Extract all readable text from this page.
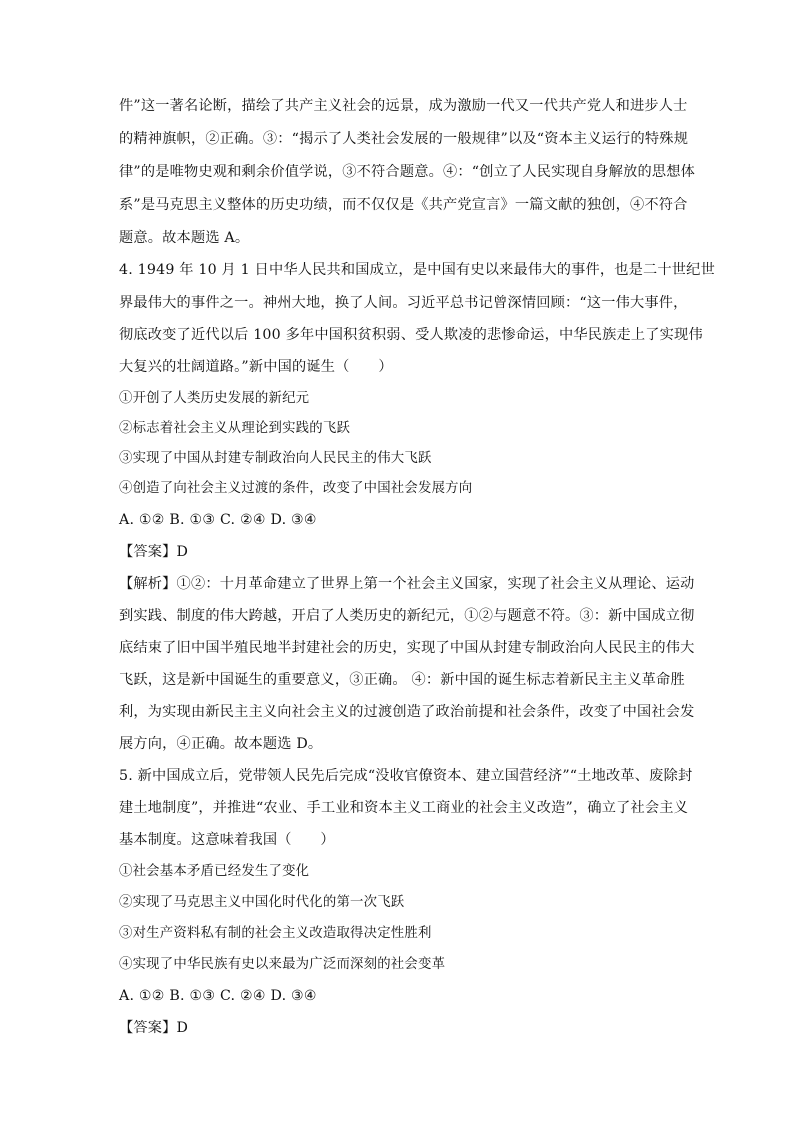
件”这一著名论断，描绘了共产主义社会的远景，成为激励一代又一代共产党人和进步人士
的精神旗帜，②正确。③：“揭示了人类社会发展的一般规律”以及“资本主义运行的特殊规
律”的是唯物史观和剩余价值学说，③不符合题意。④：“创立了人民实现自身解放的思想体
系”是马克思主义整体的历史功绩，而不仅仅是《共产党宣言》一篇文献的独创，④不符合
题意。故本题选 A。
4. 1949 年 10 月 1 日中华人民共和国成立，是中国有史以来最伟大的事件，也是二十世纪世
界最伟大的事件之一。神州大地，换了人间。习近平总书记曾深情回顾：“这一伟大事件，
彻底改变了近代以后 100 多年中国积贫积弱、受人欺凌的悲惨命运，中华民族走上了实现伟
大复兴的壮阔道路。”新中国的诞生（　　）
①开创了人类历史发展的新纪元
②标志着社会主义从理论到实践的飞跃
③实现了中国从封建专制政治向人民民主的伟大飞跃
④创造了向社会主义过渡的条件，改变了中国社会发展方向
A. ①② B. ①③ C. ②④ D. ③④
【答案】D
【解析】①②：十月革命建立了世界上第一个社会主义国家，实现了社会主义从理论、运动
到实践、制度的伟大跨越，开启了人类历史的新纪元，①②与题意不符。③：新中国成立彻
底结束了旧中国半殖民地半封建社会的历史，实现了中国从封建专制政治向人民民主的伟大
飞跃，这是新中国诞生的重要意义，③正确。 ④：新中国的诞生标志着新民主主义革命胜
利，为实现由新民主主义向社会主义的过渡创造了政治前提和社会条件，改变了中国社会发
展方向，④正确。故本题选 D。
5. 新中国成立后，党带领人民先后完成“没收官僚资本、建立国营经济”“土地改革、废除封
建土地制度”，并推进“农业、手工业和资本主义工商业的社会主义改造”，确立了社会主义
基本制度。这意味着我国（　　）
①社会基本矛盾已经发生了变化
②实现了马克思主义中国化时代化的第一次飞跃
③对生产资料私有制的社会主义改造取得决定性胜利
④实现了中华民族有史以来最为广泛而深刻的社会变革
A. ①② B. ①③ C. ②④ D. ③④
【答案】D
